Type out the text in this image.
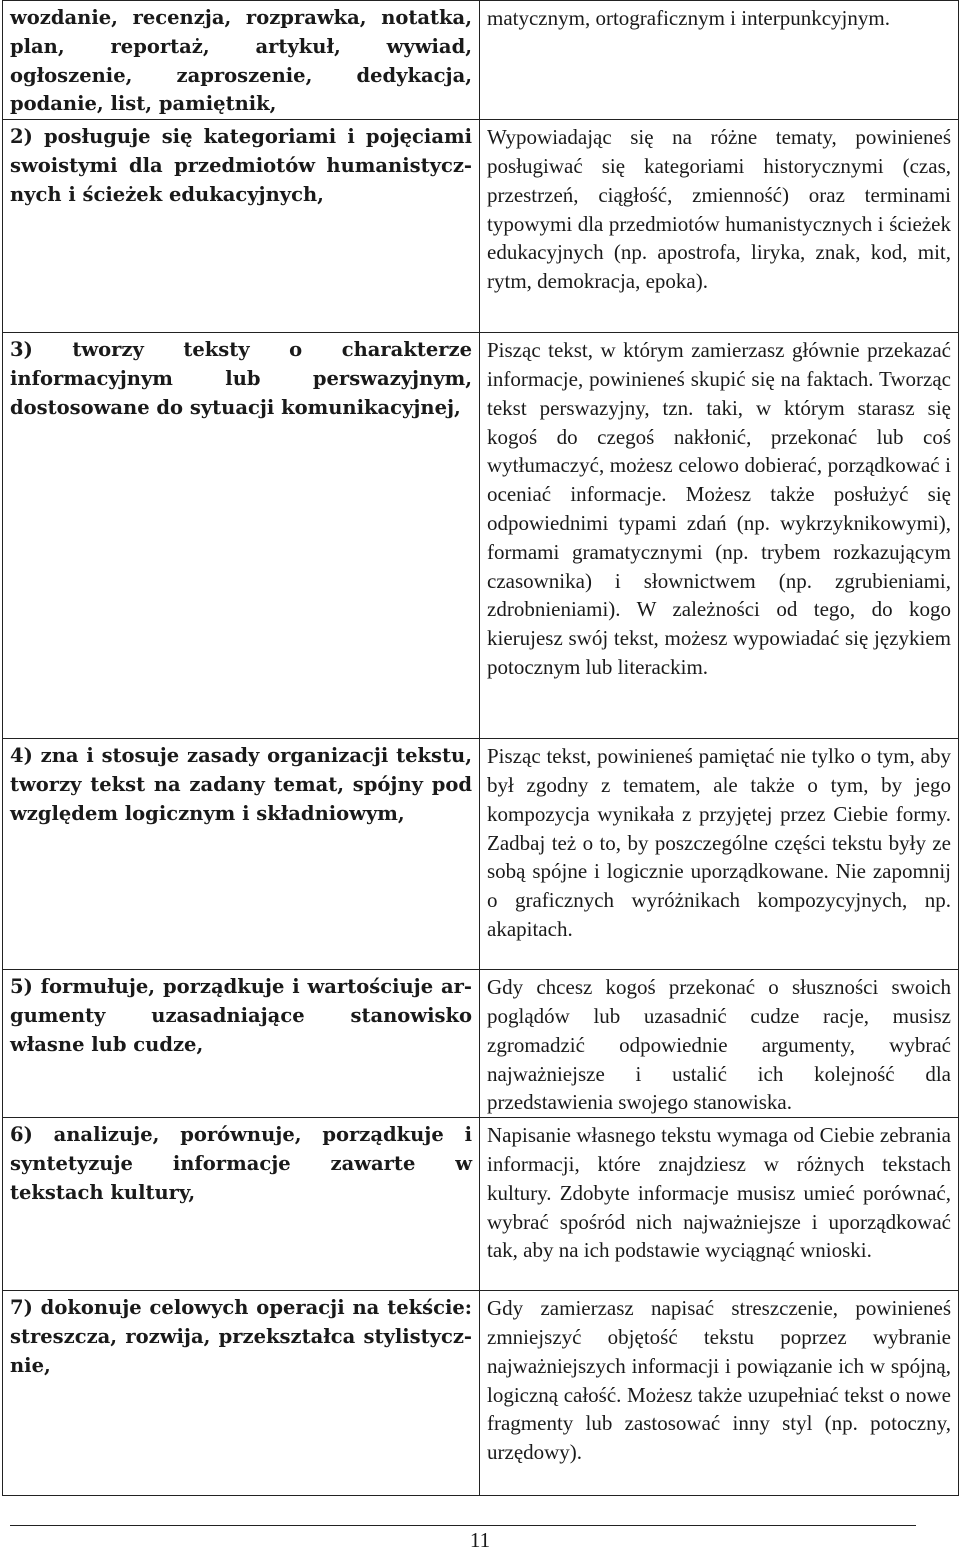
wozdanie, recenzja, rozprawka, notatka, plan, reportaż, artykuł, wywiad, ogłoszenie, zaproszenie, dedykacja, podanie, list, pamiętnik,	matycznym, ortograficznym i interpunkcyjnym.
2) posługuje się kategoriami i pojęciami swoistymi dla przedmiotów humanistycznych i ścieżek edukacyjnych,	Wypowiadając się na różne tematy, powinieneś posługiwać się kategoriami historycznymi (czas, przestrzeń, ciągłość, zmienność) oraz terminami typowymi dla przedmiotów humanistycznych i ścieżek edukacyjnych (np. apostrofa, liryka, znak, kod, mit, rytm, demokracja, epoka).
3) tworzy teksty o charakterze informacyjnym lub perswazyjnym, dostosowane do sytuacji komunikacyjnej,	Pisząc tekst, w którym zamierzasz głównie przekazać informacje, powinieneś skupić się na faktach. Tworząc tekst perswazyjny, tzn. taki, w którym starasz się kogoś do czegoś nakłonić, przekonać lub coś wytłumaczyć, możesz celowo dobierać, porządkować i oceniać informacje. Możesz także posłużyć się odpowiednimi typami zdań (np. wykrzyknikowymi), formami gramatycznymi (np. trybem rozkazującym czasownika) i słownictwem (np. zgrubieniami, zdrobnieniami). W zależności od tego, do kogo kierujesz swój tekst, możesz wypowiadać się językiem potocznym lub literackim.
4) zna i stosuje zasady organizacji tekstu, tworzy tekst na zadany temat, spójny pod względem logicznym i składniowym,	Pisząc tekst, powinieneś pamiętać nie tylko o tym, aby był zgodny z tematem, ale także o tym, by jego kompozycja wynikała z przyjętej przez Ciebie formy. Zadbaj też o to, by poszczególne części tekstu były ze sobą spójne i logicznie uporządkowane. Nie zapomnij o graficznych wyróżnikach kompozycyjnych, np. akapitach.
5) formułuje, porządkuje i wartościuje argumenty uzasadniające stanowisko własne lub cudze,	Gdy chcesz kogoś przekonać o słuszności swoich poglądów lub uzasadnić cudze racje, musisz zgromadzić odpowiednie argumenty, wybrać najważniejsze i ustalić ich kolejność dla przedstawienia swojego stanowiska.
6) analizuje, porównuje, porządkuje i syntetyzuje informacje zawarte w tekstach kultury,	Napisanie własnego tekstu wymaga od Ciebie zebrania informacji, które znajdziesz w różnych tekstach kultury. Zdobyte informacje musisz umieć porównać, wybrać spośród nich najważniejsze i uporządkować tak, aby na ich podstawie wyciągnąć wnioski.
7) dokonuje celowych operacji na tekście: streszcza, rozwija, przekształca stylistycznie,	Gdy zamierzasz napisać streszczenie, powinieneś zmniejszyć objętość tekstu poprzez wybranie najważniejszych informacji i powiązanie ich w spójną, logiczną całość. Możesz także uzupełniać tekst o nowe fragmenty lub zastosować inny styl (np. potoczny, urzędowy).
11
